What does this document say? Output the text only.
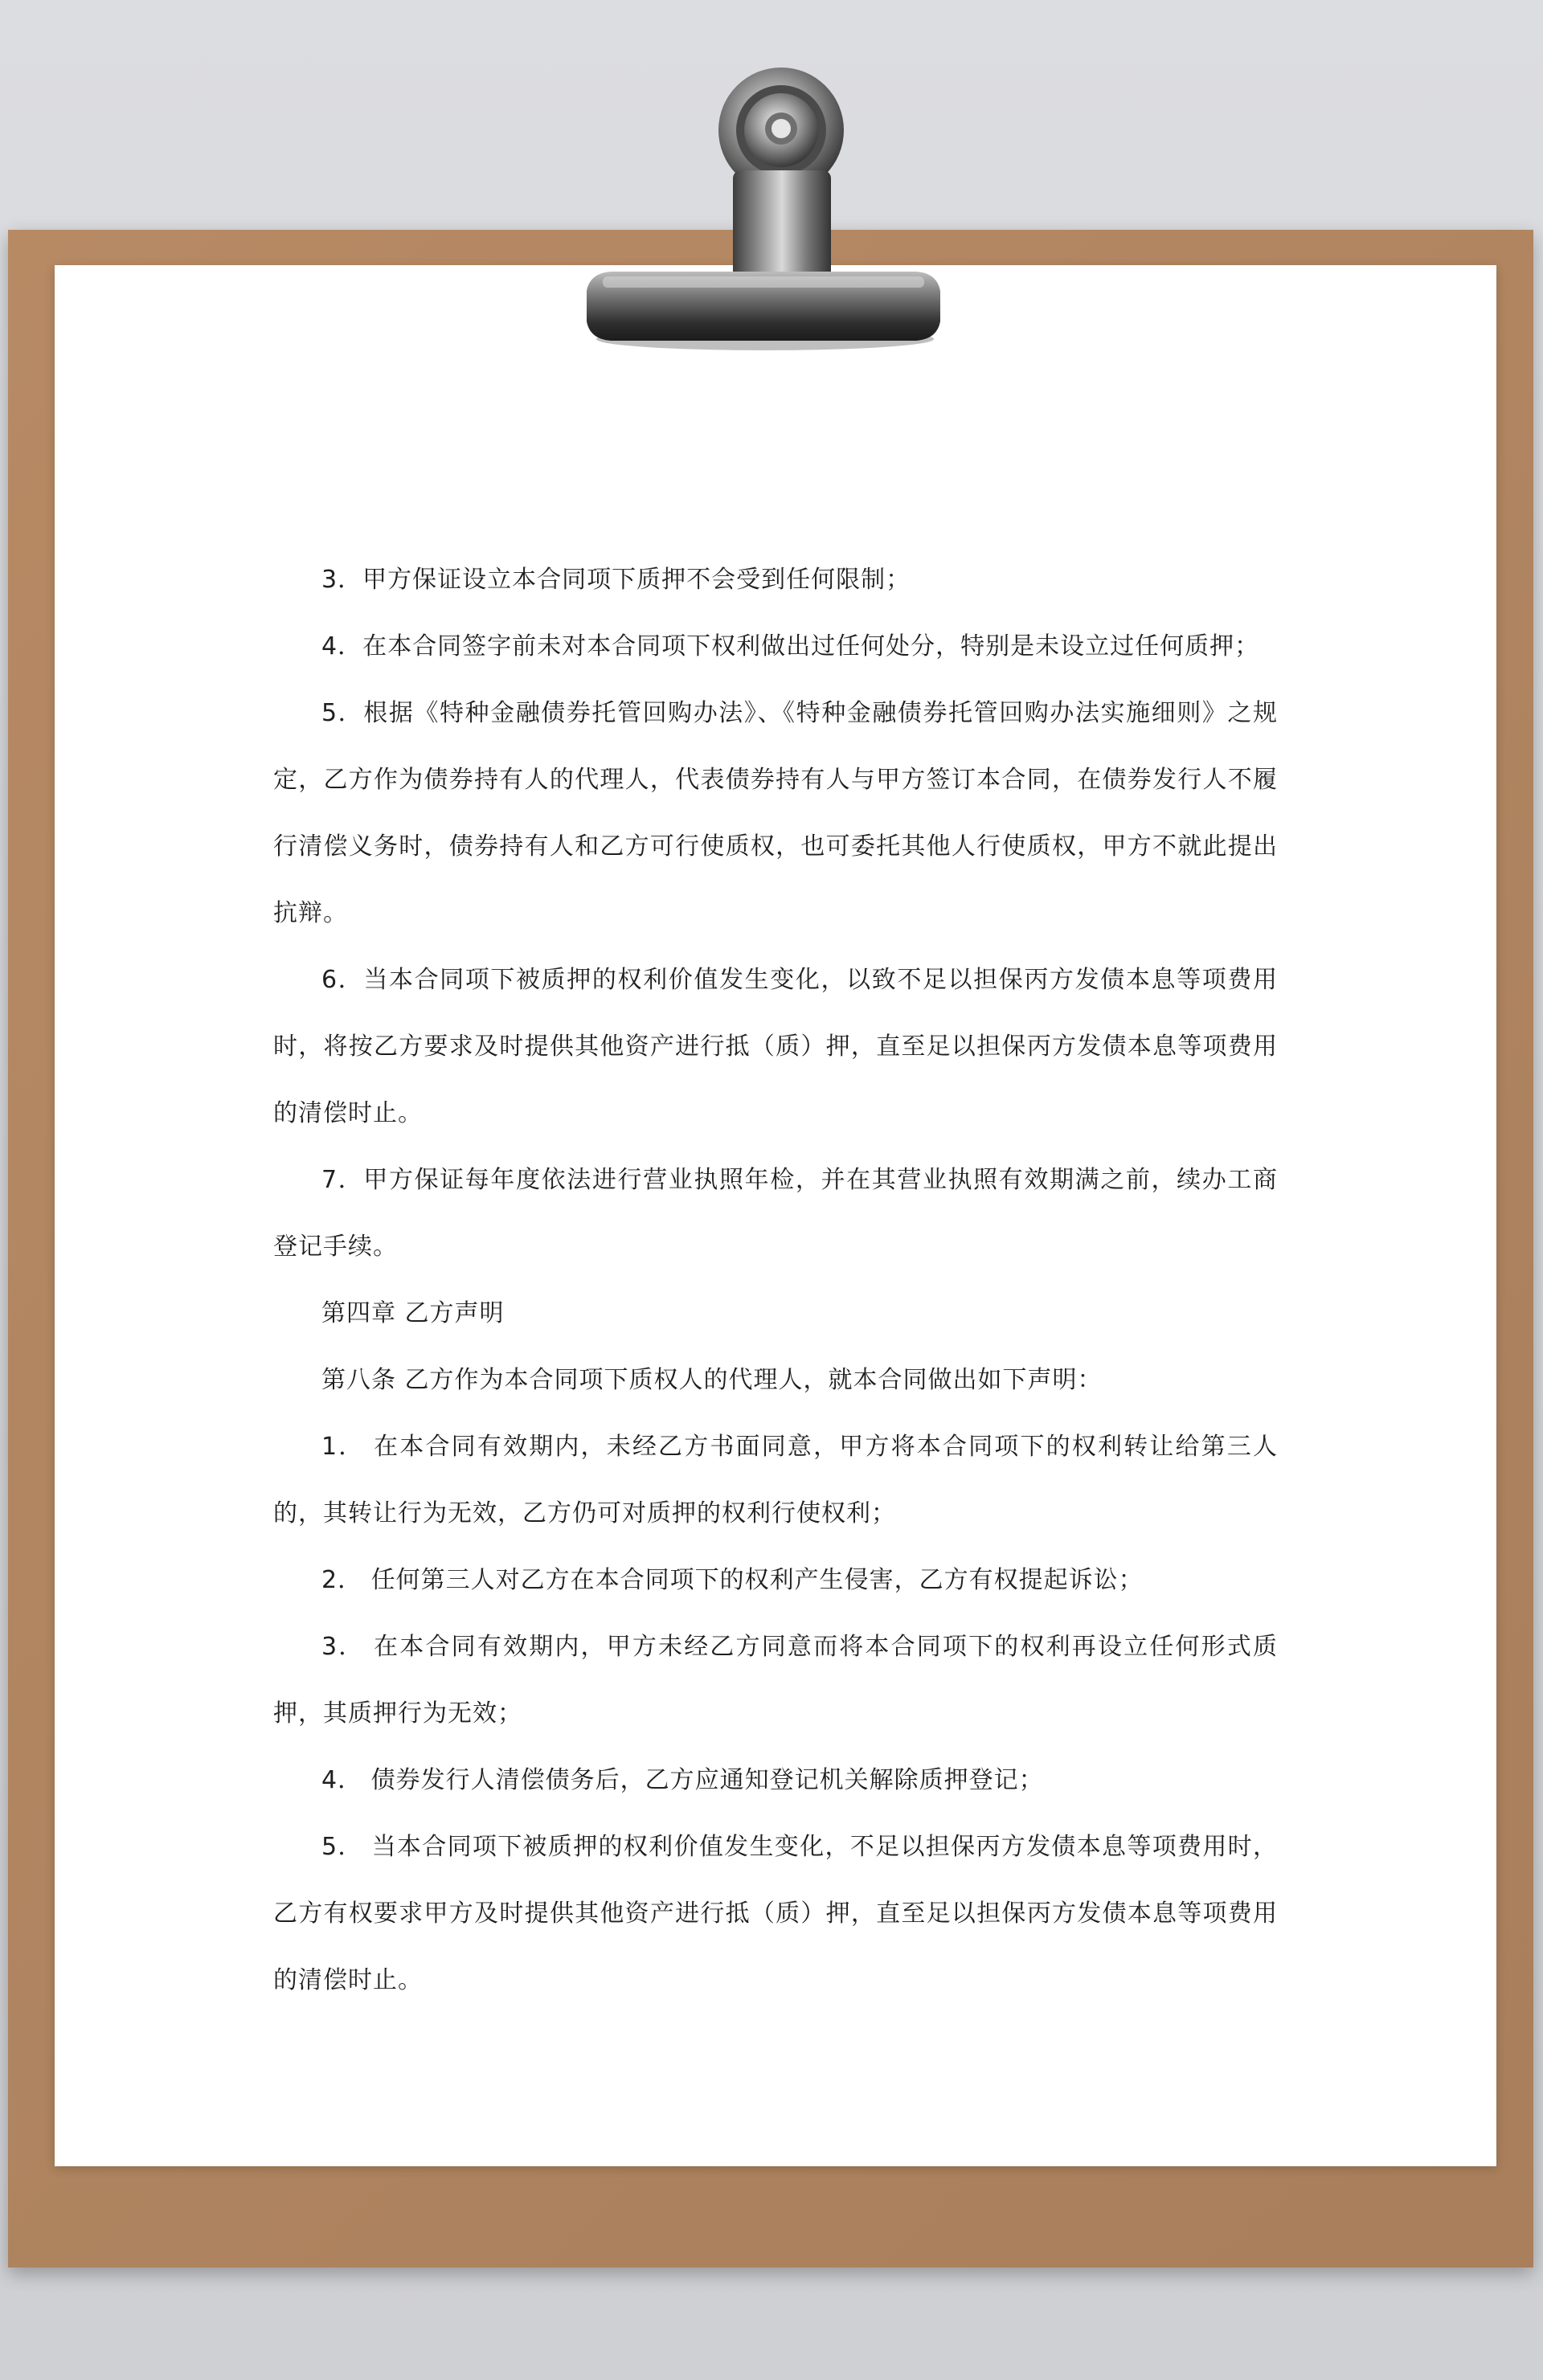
3．甲方保证设立本合同项下质押不会受到任何限制；

4．在本合同签字前未对本合同项下权利做出过任何处分，特别是未设立过任何质押；

5．根据《特种金融债券托管回购办法》、《特种金融债券托管回购办法实施细则》之规定，乙方作为债券持有人的代理人，代表债券持有人与甲方签订本合同，在债券发行人不履行清偿义务时，债券持有人和乙方可行使质权，也可委托其他人行使质权，甲方不就此提出抗辩。

6．当本合同项下被质押的权利价值发生变化，以致不足以担保丙方发债本息等项费用时，将按乙方要求及时提供其他资产进行抵（质）押，直至足以担保丙方发债本息等项费用的清偿时止。

7．甲方保证每年度依法进行营业执照年检，并在其营业执照有效期满之前，续办工商登记手续。

第四章 乙方声明

第八条 乙方作为本合同项下质权人的代理人，就本合同做出如下声明：

1． 在本合同有效期内，未经乙方书面同意，甲方将本合同项下的权利转让给第三人的，其转让行为无效，乙方仍可对质押的权利行使权利；

2． 任何第三人对乙方在本合同项下的权利产生侵害，乙方有权提起诉讼；

3． 在本合同有效期内，甲方未经乙方同意而将本合同项下的权利再设立任何形式质押，其质押行为无效；

4． 债券发行人清偿债务后，乙方应通知登记机关解除质押登记；

5． 当本合同项下被质押的权利价值发生变化，不足以担保丙方发债本息等项费用时，乙方有权要求甲方及时提供其他资产进行抵（质）押，直至足以担保丙方发债本息等项费用的清偿时止。
